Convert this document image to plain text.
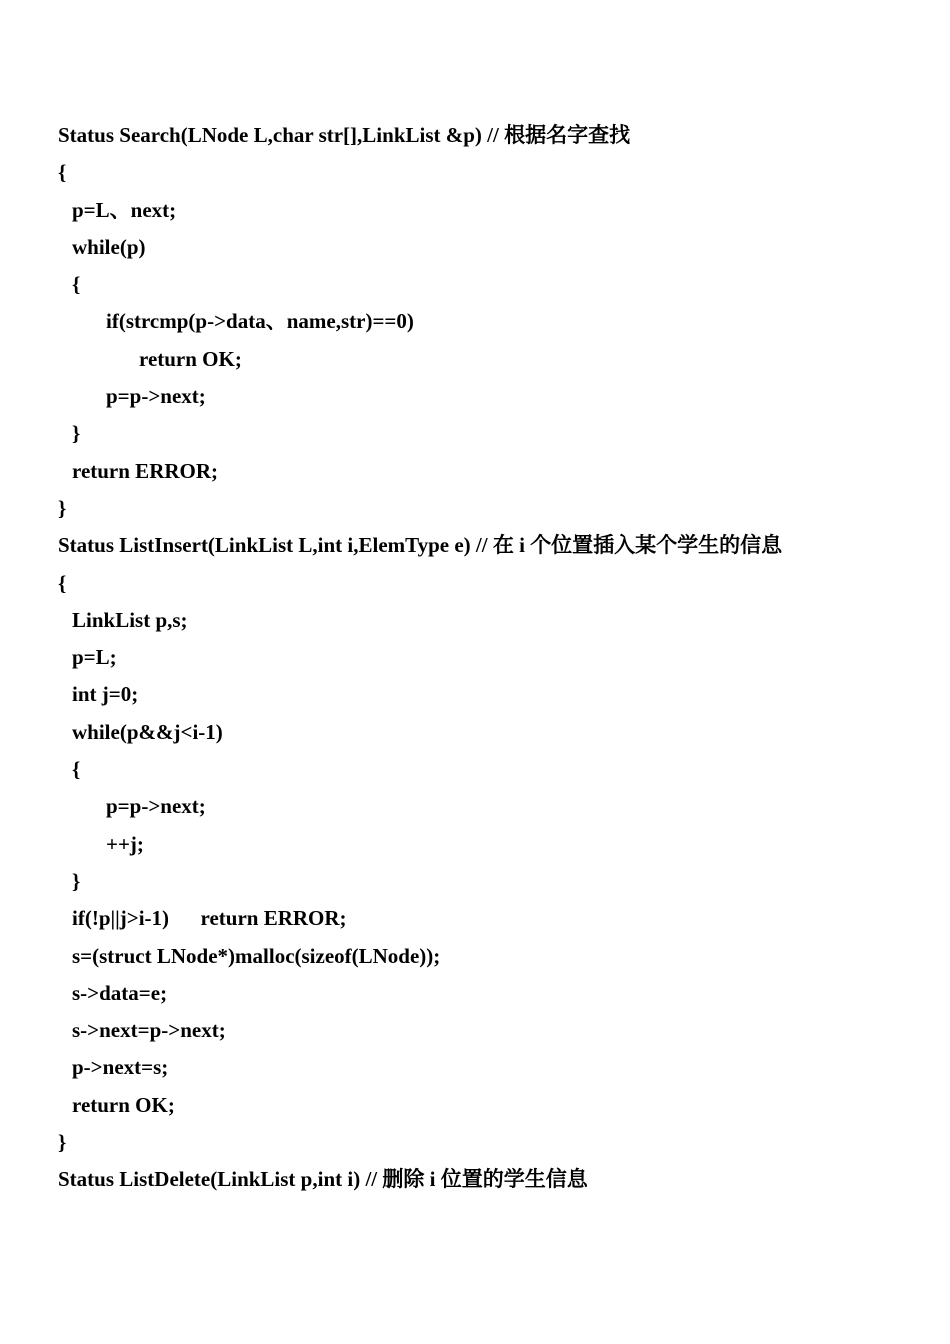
Status Search(LNode L,char str[],LinkList &p) // 根据名字查找
{
p=L、next;
while(p)
{
if(strcmp(p->data、name,str)==0)
return OK;
p=p->next;
}
return ERROR;
}
Status ListInsert(LinkList L,int i,ElemType e) // 在 i 个位置插入某个学生的信息
{
LinkList p,s;
p=L;
int j=0;
while(p&&j<i-1)
{
p=p->next;
++j;
}
if(!p||j>i-1)      return ERROR;
s=(struct LNode*)malloc(sizeof(LNode));
s->data=e;
s->next=p->next;
p->next=s;
return OK;
}
Status ListDelete(LinkList p,int i) // 删除 i 位置的学生信息
